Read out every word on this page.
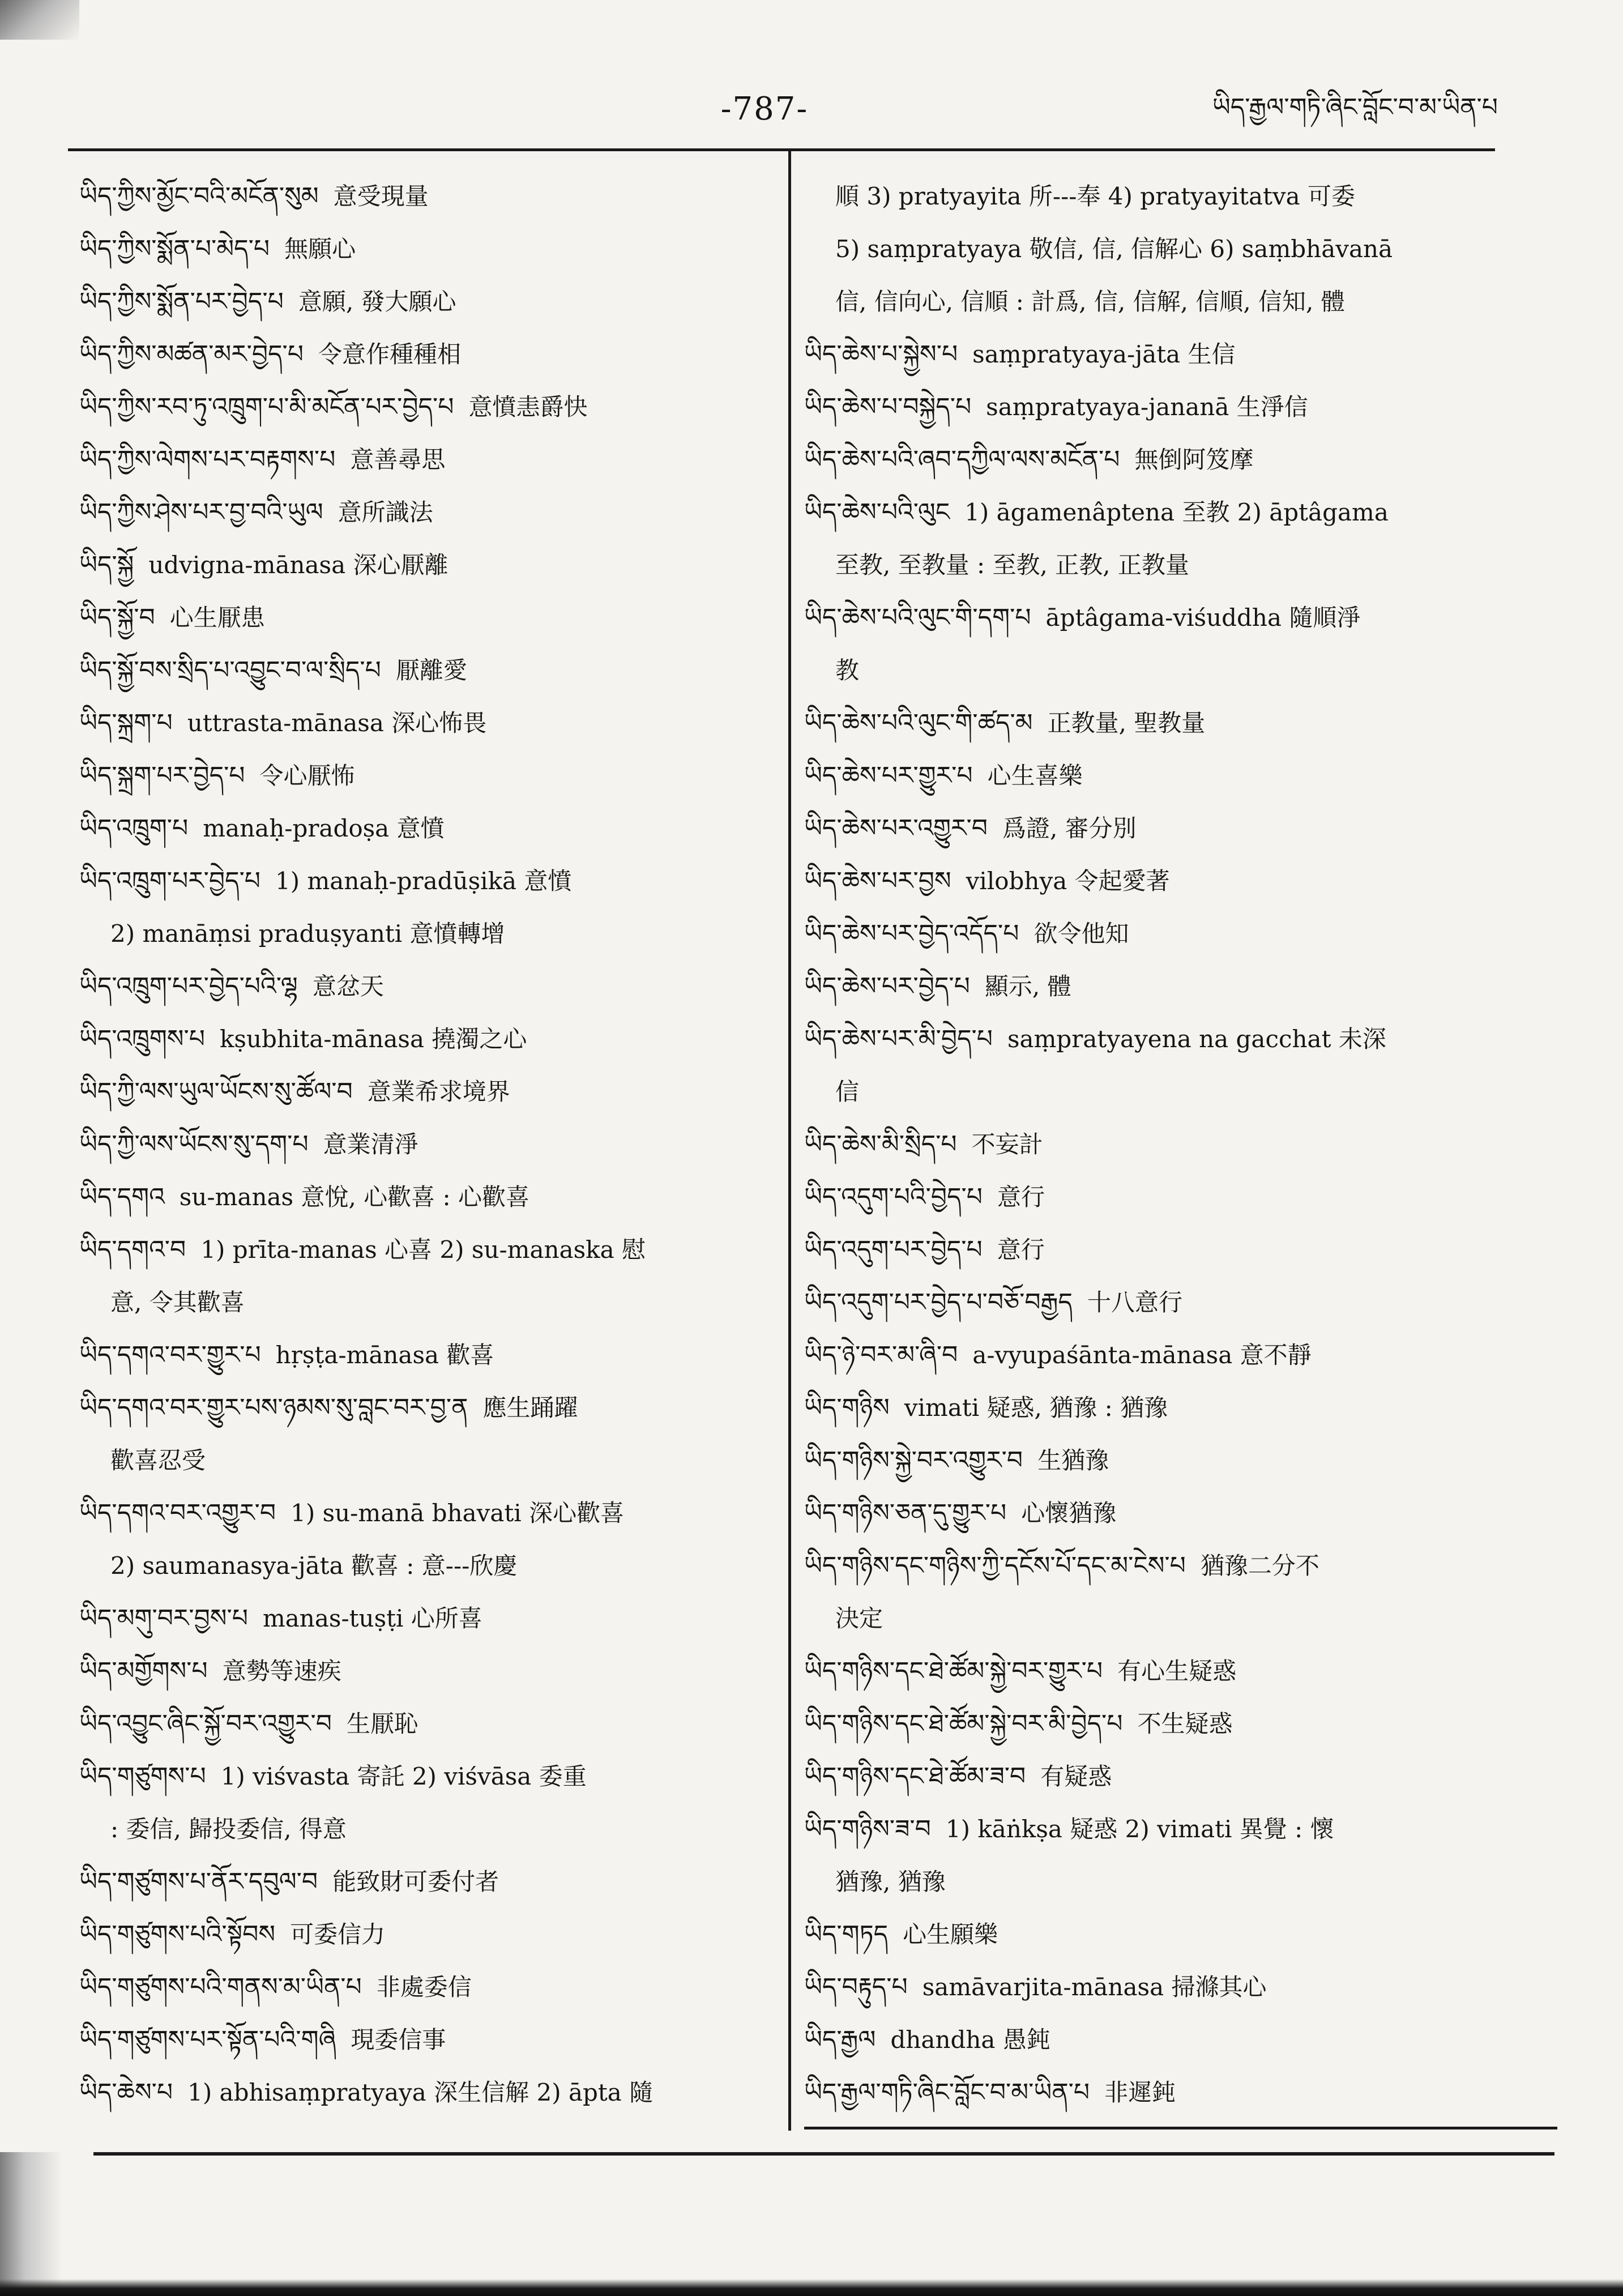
-787-	ཡིད་རྒྱལ་གཏི་ཞིང་བློང་བ་མ་ཡིན་པ
ཡིད་ཀྱིས་མྱོང་བའི་མངོན་སུམ 意受現量
ཡིད་ཀྱིས་སྨོན་པ་མེད་པ 無願心
ཡིད་ཀྱིས་སྨོན་པར་བྱེད་པ 意願, 發大願心
ཡིད་ཀྱིས་མཚན་མར་བྱེད་པ 令意作種種相
ཡིད་ཀྱིས་རབ་ཏུ་འཁྲུག་པ་མི་མངོན་པར་བྱེད་པ 意憤恚爵快
ཡིད་ཀྱིས་ལེགས་པར་བརྟགས་པ 意善尋思
ཡིད་ཀྱིས་ཤེས་པར་བྱ་བའི་ཡུལ 意所識法
ཡིད་སྐྱོ udvigna-mānasa 深心厭離
ཡིད་སྐྱོ་བ 心生厭患
ཡིད་སྐྱོ་བས་སྲིད་པ་འབྱུང་བ་ལ་སྲིད་པ 厭離愛
ཡིད་སྐྲག་པ uttrasta-mānasa 深心怖畏
ཡིད་སྐྲག་པར་བྱེད་པ 令心厭怖
ཡིད་འཁྲུག་པ manaḥ-pradoṣa 意憤
ཡིད་འཁྲུག་པར་བྱེད་པ 1) manaḥ-pradūṣikā 意憤
2) manāṃsi praduṣyanti 意憤轉增
ཡིད་འཁྲུག་པར་བྱེད་པའི་ལྷ 意忿天
ཡིད་འཁྲུགས་པ kṣubhita-mānasa 撓濁之心
ཡིད་ཀྱི་ལས་ཡུལ་ཡོངས་སུ་ཚོལ་བ 意業希求境界
ཡིད་ཀྱི་ལས་ཡོངས་སུ་དག་པ 意業清淨
ཡིད་དགའ su-manas 意悅, 心歡喜 : 心歡喜
ཡིད་དགའ་བ 1) prīta-manas 心喜 2) su-manaska 慰
意, 令其歡喜
ཡིད་དགའ་བར་གྱུར་པ hṛṣṭa-mānasa 歡喜
ཡིད་དགའ་བར་གྱུར་པས་ཉམས་སུ་བླང་བར་བྱ་ན 應生踊躍
歡喜忍受
ཡིད་དགའ་བར་འགྱུར་བ 1) su-manā bhavati 深心歡喜
2) saumanasya-jāta 歡喜 : 意---欣慶
ཡིད་མགུ་བར་བྱས་པ manas-tuṣṭi 心所喜
ཡིད་མགྱོགས་པ 意勢等速疾
ཡིད་འབྱུང་ཞིང་སྐྱོ་བར་འགྱུར་བ 生厭恥
ཡིད་གཙུགས་པ 1) viśvasta 寄託 2) viśvāsa 委重
: 委信, 歸投委信, 得意
ཡིད་གཙུགས་པ་ནོར་དབུལ་བ 能致財可委付者
ཡིད་གཙུགས་པའི་སྟོབས 可委信力
ཡིད་གཙུགས་པའི་གནས་མ་ཡིན་པ 非處委信
ཡིད་གཙུགས་པར་སྟོན་པའི་གཞི 現委信事
ཡིད་ཆེས་པ 1) abhisaṃpratyaya 深生信解 2) āpta 隨
順 3) pratyayita 所---奉 4) pratyayitatva 可委
5) saṃpratyaya 敬信, 信, 信解心 6) saṃbhāvanā
信, 信向心, 信順 : 計爲, 信, 信解, 信順, 信知, 體
ཡིད་ཆེས་པ་སྐྱེས་པ saṃpratyaya-jāta 生信
ཡིད་ཆེས་པ་བསྐྱེད་པ saṃpratyaya-jananā 生淨信
ཡིད་ཆེས་པའི་ཞབ་དཀྱིལ་ལས་མངོན་པ 無倒阿笈摩
ཡིད་ཆེས་པའི་ལུང 1) āgamenâptena 至教 2) āptâgama
至教, 至教量 : 至教, 正教, 正教量
ཡིད་ཆེས་པའི་ལུང་གི་དག་པ āptâgama-viśuddha 隨順淨
教
ཡིད་ཆེས་པའི་ལུང་གི་ཚད་མ 正教量, 聖教量
ཡིད་ཆེས་པར་གྱུར་པ 心生喜樂
ཡིད་ཆེས་པར་འགྱུར་བ 爲證, 審分別
ཡིད་ཆེས་པར་བྱས vilobhya 令起愛著
ཡིད་ཆེས་པར་བྱེད་འདོད་པ 欲令他知
ཡིད་ཆེས་པར་བྱེད་པ 顯示, 體
ཡིད་ཆེས་པར་མི་བྱེད་པ saṃpratyayena na gacchat 未深
信
ཡིད་ཆེས་མི་སྲིད་པ 不妄計
ཡིད་འདུག་པའི་བྱེད་པ 意行
ཡིད་འདུག་པར་བྱེད་པ 意行
ཡིད་འདུག་པར་བྱེད་པ་བཅོ་བརྒྱད 十八意行
ཡིད་ཉེ་བར་མ་ཞི་བ a-vyupaśānta-mānasa 意不靜
ཡིད་གཉིས vimati 疑惑, 猶豫 : 猶豫
ཡིད་གཉིས་སྐྱེ་བར་འགྱུར་བ 生猶豫
ཡིད་གཉིས་ཅན་དུ་གྱུར་པ 心懷猶豫
ཡིད་གཉིས་དང་གཉིས་ཀྱི་དངོས་པོ་དང་མ་ངེས་པ 猶豫二分不
決定
ཡིད་གཉིས་དང་ཐེ་ཚོམ་སྐྱེ་བར་གྱུར་པ 有心生疑惑
ཡིད་གཉིས་དང་ཐེ་ཚོམ་སྐྱེ་བར་མི་བྱེད་པ 不生疑惑
ཡིད་གཉིས་དང་ཐེ་ཚོམ་ཟ་བ 有疑惑
ཡིད་གཉིས་ཟ་བ 1) kāṅkṣa 疑惑 2) vimati 異覺 : 懷
猶豫, 猶豫
ཡིད་གཏད 心生願樂
ཡིད་བརྟུད་པ samāvarjita-mānasa 掃滌其心
ཡིད་རྒྱལ dhandha 愚鈍
ཡིད་རྒྱལ་གཏི་ཞིང་བློང་བ་མ་ཡིན་པ 非遲鈍
